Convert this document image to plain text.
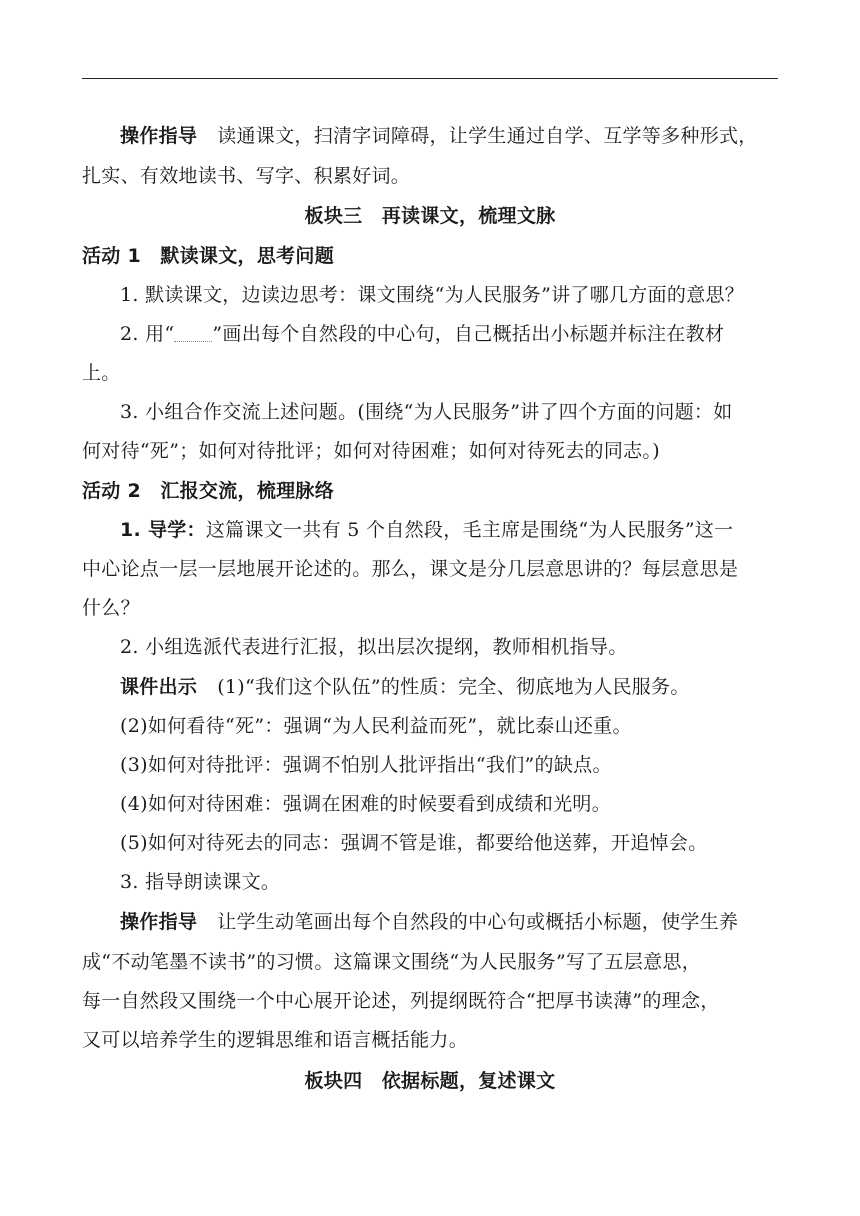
操作指导 读通课文，扫清字词障碍，让学生通过自学、互学等多种形式，
扎实、有效地读书、写字、积累好词。
板块三　再读课文，梳理文脉
活动 1　默读课文，思考问题
1. 默读课文，边读边思考：课文围绕“为人民服务”讲了哪几方面的意思？
2. 用“ ”画出每个自然段的中心句，自己概括出小标题并标注在教材
上。
3. 小组合作交流上述问题。(围绕“为人民服务”讲了四个方面的问题：如
何对待“死”；如何对待批评；如何对待困难；如何对待死去的同志。)
活动 2　汇报交流，梳理脉络
1. 导学：这篇课文一共有 5 个自然段，毛主席是围绕“为人民服务”这一
中心论点一层一层地展开论述的。那么，课文是分几层意思讲的？每层意思是
什么？
2. 小组选派代表进行汇报，拟出层次提纲，教师相机指导。
课件出示 (1)“我们这个队伍”的性质：完全、彻底地为人民服务。
(2)如何看待“死”：强调“为人民利益而死”，就比泰山还重。
(3)如何对待批评：强调不怕别人批评指出“我们”的缺点。
(4)如何对待困难：强调在困难的时候要看到成绩和光明。
(5)如何对待死去的同志：强调不管是谁，都要给他送葬，开追悼会。
3. 指导朗读课文。
操作指导 让学生动笔画出每个自然段的中心句或概括小标题，使学生养
成“不动笔墨不读书”的习惯。这篇课文围绕“为人民服务”写了五层意思，
每一自然段又围绕一个中心展开论述，列提纲既符合“把厚书读薄”的理念，
又可以培养学生的逻辑思维和语言概括能力。
板块四　依据标题，复述课文
